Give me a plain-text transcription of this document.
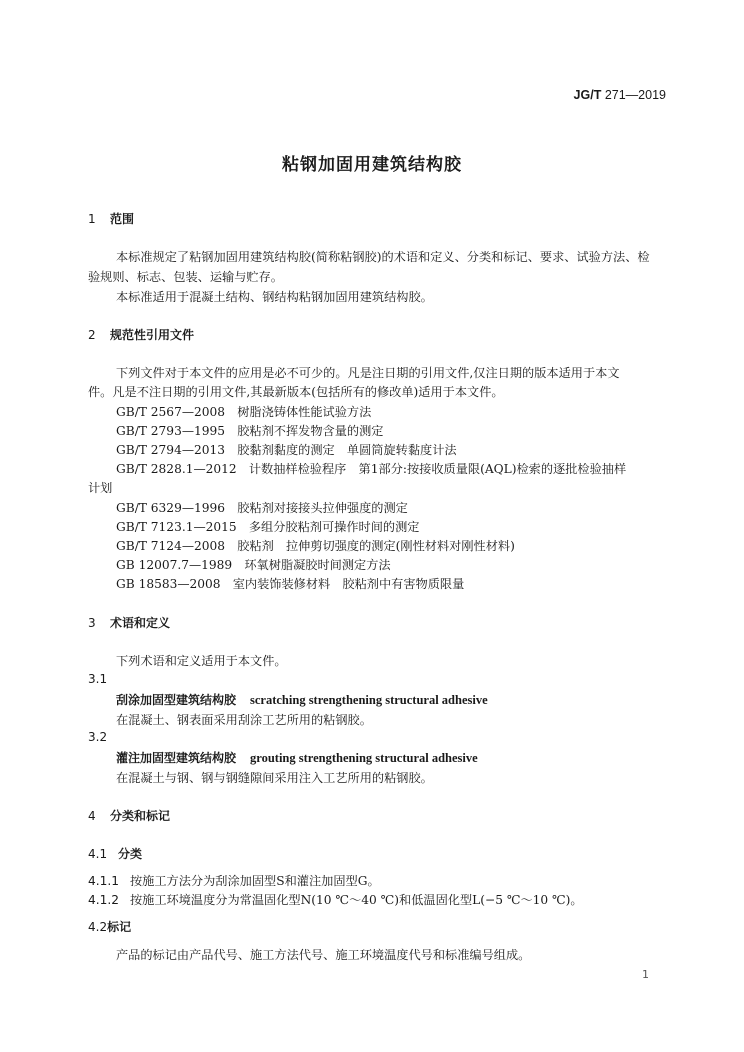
JG/T 271—2019
粘钢加固用建筑结构胶
1 范围
本标准规定了粘钢加固用建筑结构胶(简称粘钢胶)的术语和定义、分类和标记、要求、试验方法、检
验规则、标志、包装、运输与贮存。
本标准适用于混凝土结构、钢结构粘钢加固用建筑结构胶。
2 规范性引用文件
下列文件对于本文件的应用是必不可少的。凡是注日期的引用文件,仅注日期的版本适用于本文
件。凡是不注日期的引用文件,其最新版本(包括所有的修改单)适用于本文件。
GB/T 2567—2008　树脂浇铸体性能试验方法
GB/T 2793—1995　胶粘剂不挥发物含量的测定
GB/T 2794—2013　胶黏剂黏度的测定　单圆筒旋转黏度计法
GB/T 2828.1—2012　计数抽样检验程序　第1部分:按接收质量限(AQL)检索的逐批检验抽样
计划
GB/T 6329—1996　胶粘剂对接接头拉伸强度的测定
GB/T 7123.1—2015　多组分胶粘剂可操作时间的测定
GB/T 7124—2008　胶粘剂　拉伸剪切强度的测定(刚性材料对刚性材料)
GB 12007.7—1989　环氧树脂凝胶时间测定方法
GB 18583—2008　室内装饰装修材料　胶粘剂中有害物质限量
3 术语和定义
下列术语和定义适用于本文件。
3.1
刮涂加固型建筑结构胶 scratching strengthening structural adhesive
在混凝土、钢表面采用刮涂工艺所用的粘钢胶。
3.2
灌注加固型建筑结构胶 grouting strengthening structural adhesive
在混凝土与钢、钢与钢缝隙间采用注入工艺所用的粘钢胶。
4 分类和标记
4.1 分类
4.1.1 按施工方法分为刮涂加固型S和灌注加固型G。
4.1.2 按施工环境温度分为常温固化型N(10 ℃～40 ℃)和低温固化型L(−5 ℃～10 ℃)。
4.2标记
产品的标记由产品代号、施工方法代号、施工环境温度代号和标准编号组成。
1
